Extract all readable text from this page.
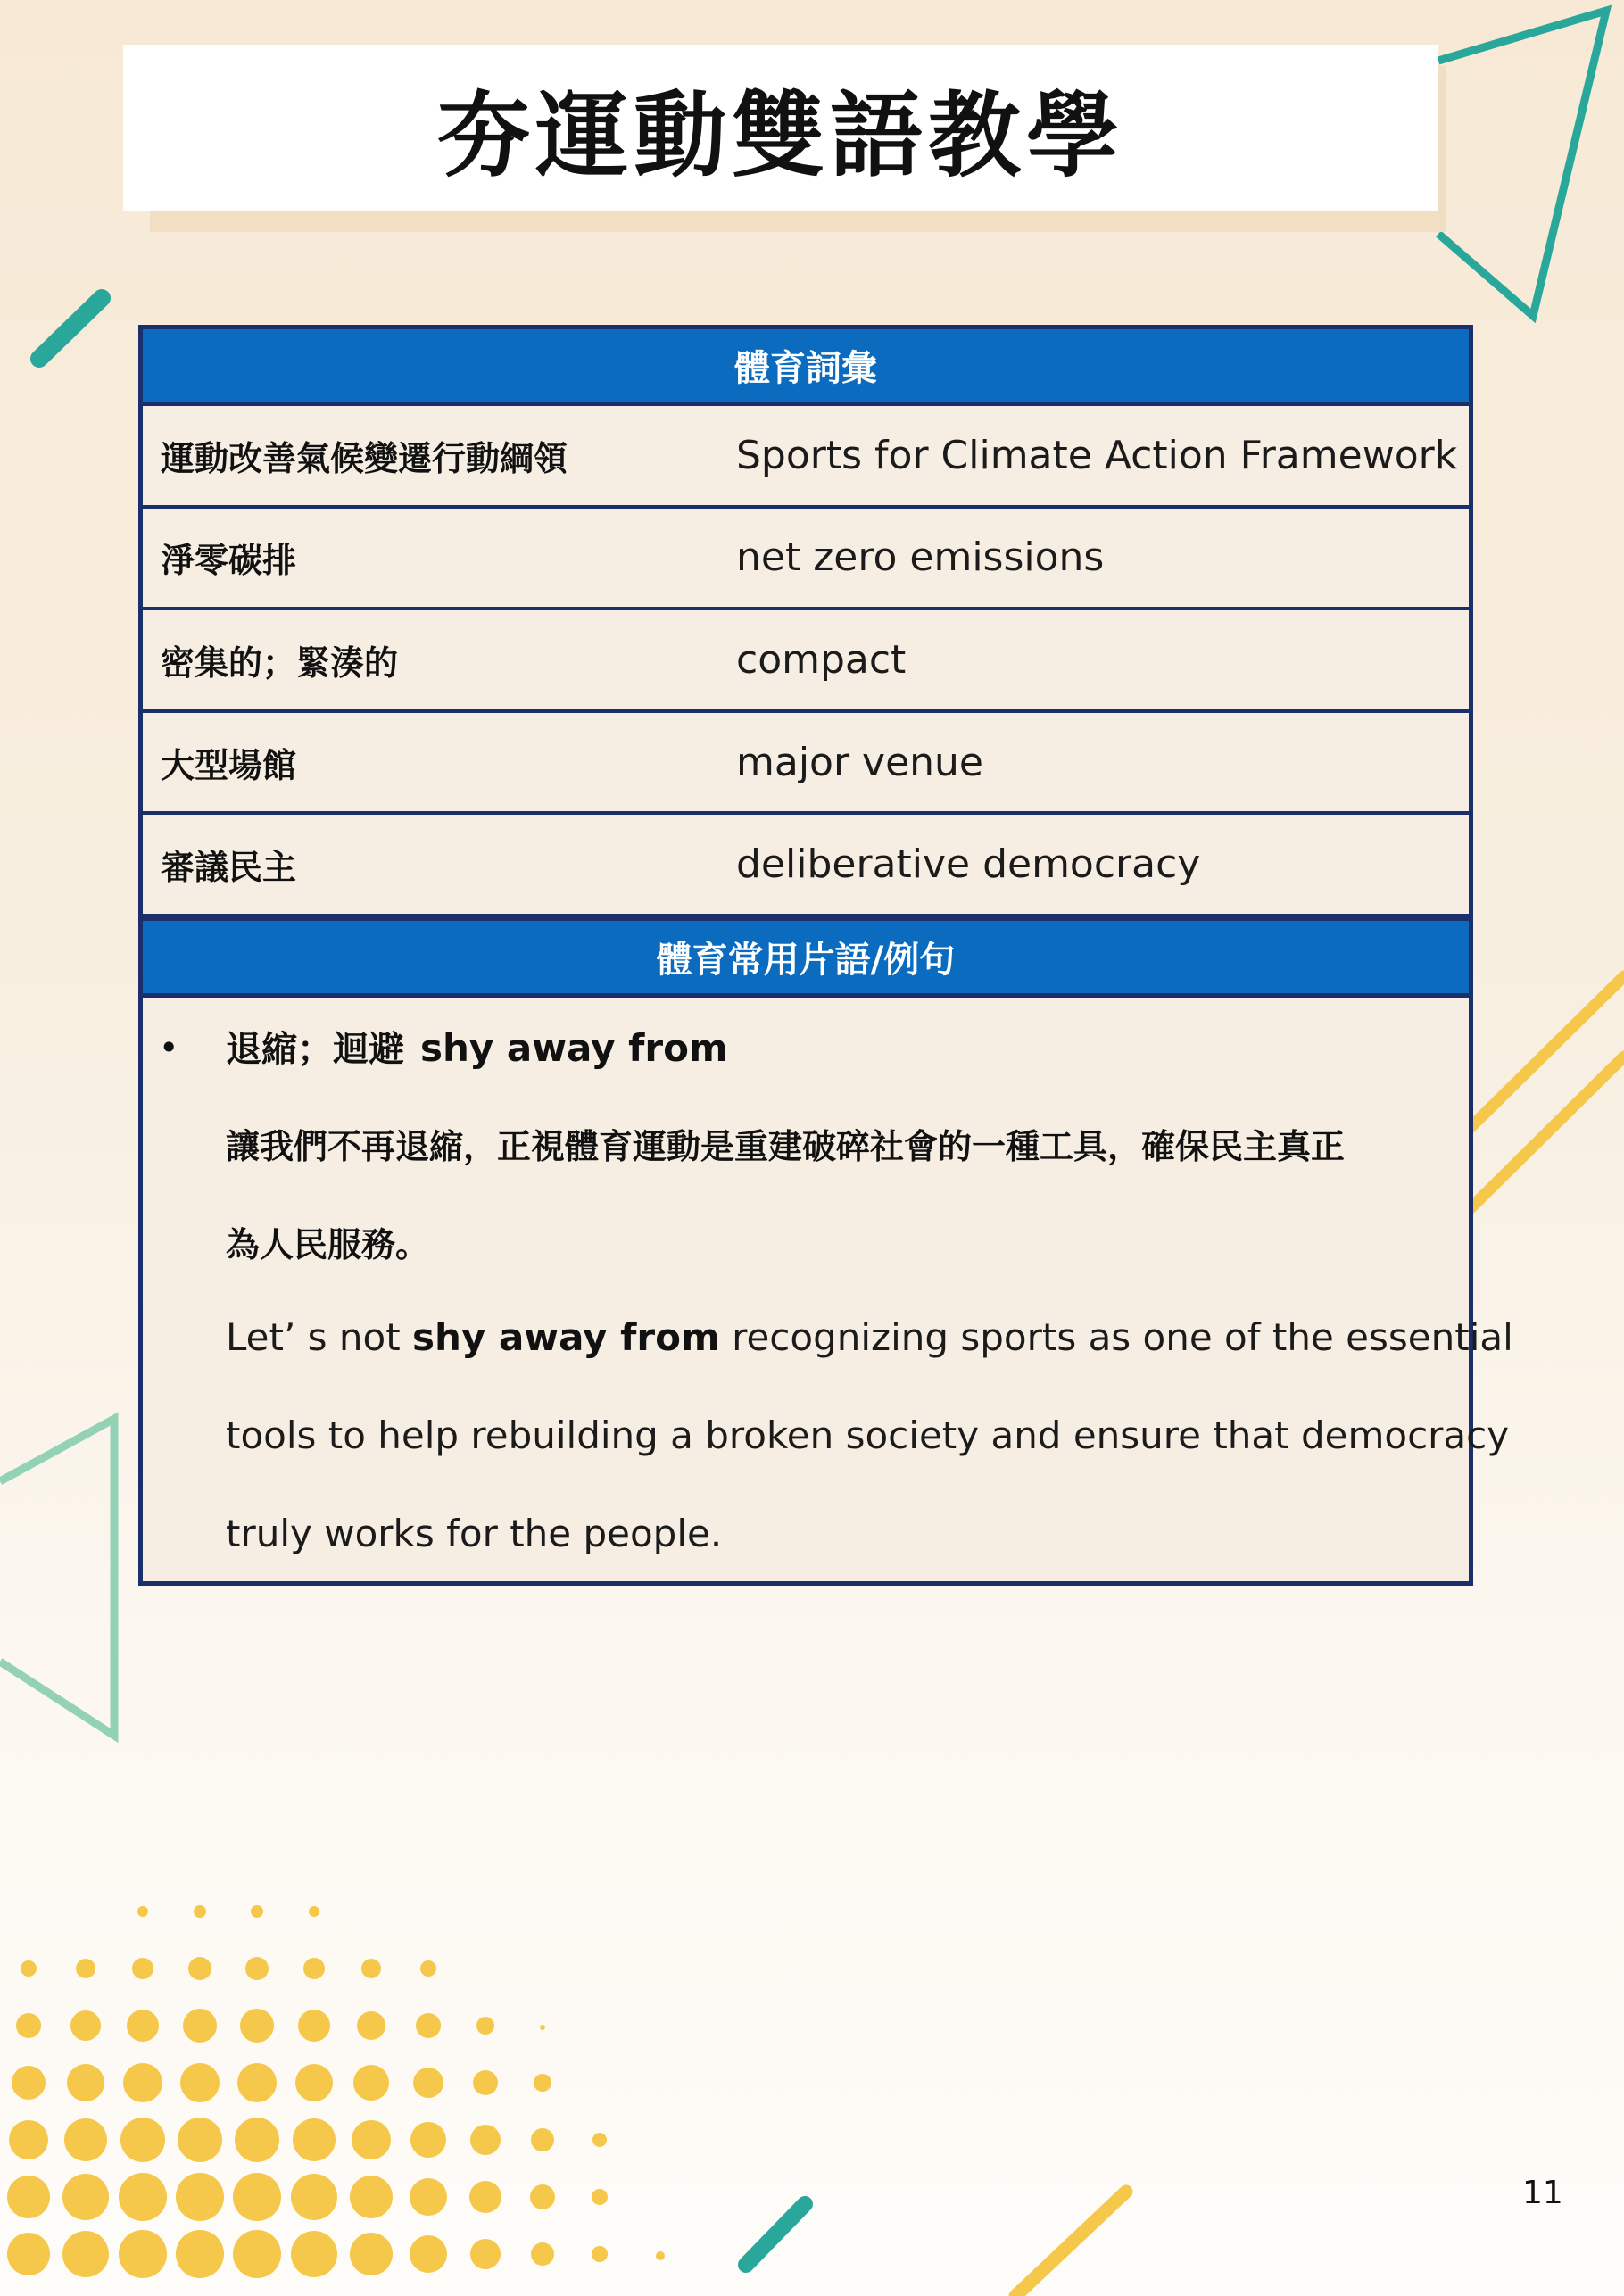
夯運動雙語教學
體育詞彙
運動改善氣候變遷行動綱領	Sports for Climate Action Framework
淨零碳排	net zero emissions
密集的；緊湊的	compact
大型場館	major venue
審議民主	deliberative democracy
體育常用片語/例句
• 退縮；迴避 shy away from
讓我們不再退縮，正視體育運動是重建破碎社會的一種工具，確保民主真正
為人民服務。
Let’ s not shy away from recognizing sports as one of the essential
tools to help rebuilding a broken society and ensure that democracy
truly works for the people.
11
